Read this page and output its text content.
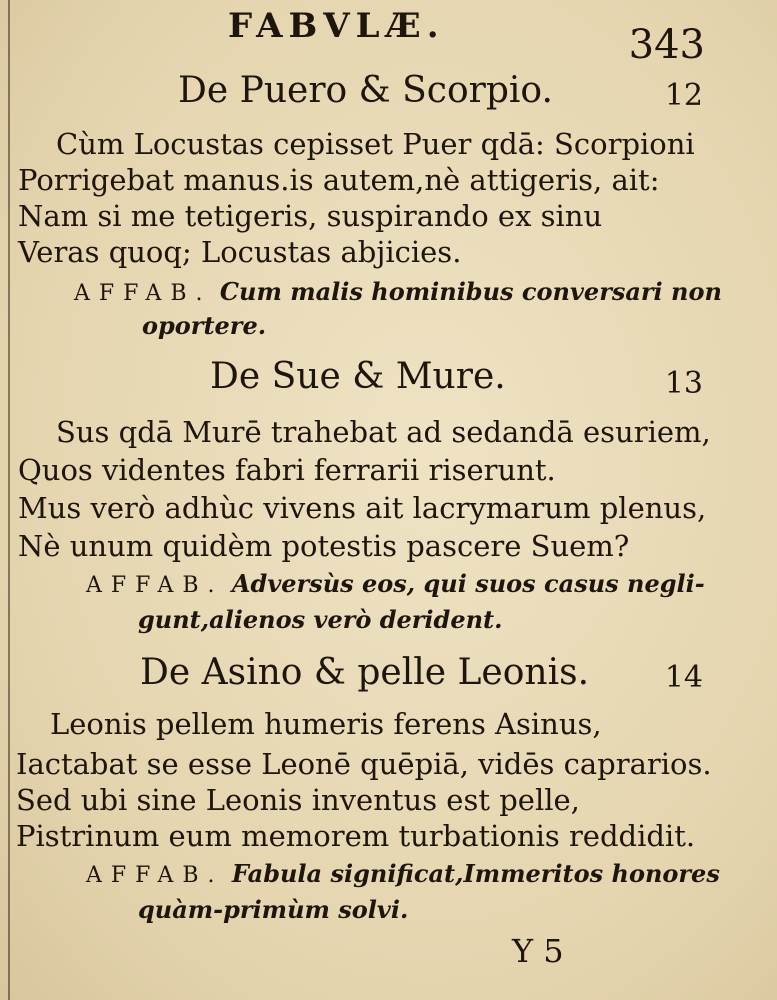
FABVLÆ.	343
De Puero & Scorpio.	12
Cùm Locustas cepisset Puer qdā: Scorpioni
Porrigebat manus.is autem,nè attigeris, ait:
Nam si me tetigeris, suspirando ex sinu
Veras quoq; Locustas abjicies.
AFFAB. Cum malis hominibus conversari non
oportere.
De Sue & Mure.	13
Sus qdā Murē trahebat ad sedandā esuriem,
Quos videntes fabri ferrarii riserunt.
Mus verò adhùc vivens ait lacrymarum plenus,
Nè unum quidèm potestis pascere Suem?
AFFAB. Adversùs eos, qui suos casus negli-
gunt,alienos verò derident.
De Asino & pelle Leonis.	14
Leonis pellem humeris ferens Asinus,
Iactabat se esse Leonē quēpiā, vidēs caprarios.
Sed ubi sine Leonis inventus est pelle,
Pistrinum eum memorem turbationis reddidit.
AFFAB. Fabula significat,Immeritos honores
quàm-primùm solvi.
Y 5
